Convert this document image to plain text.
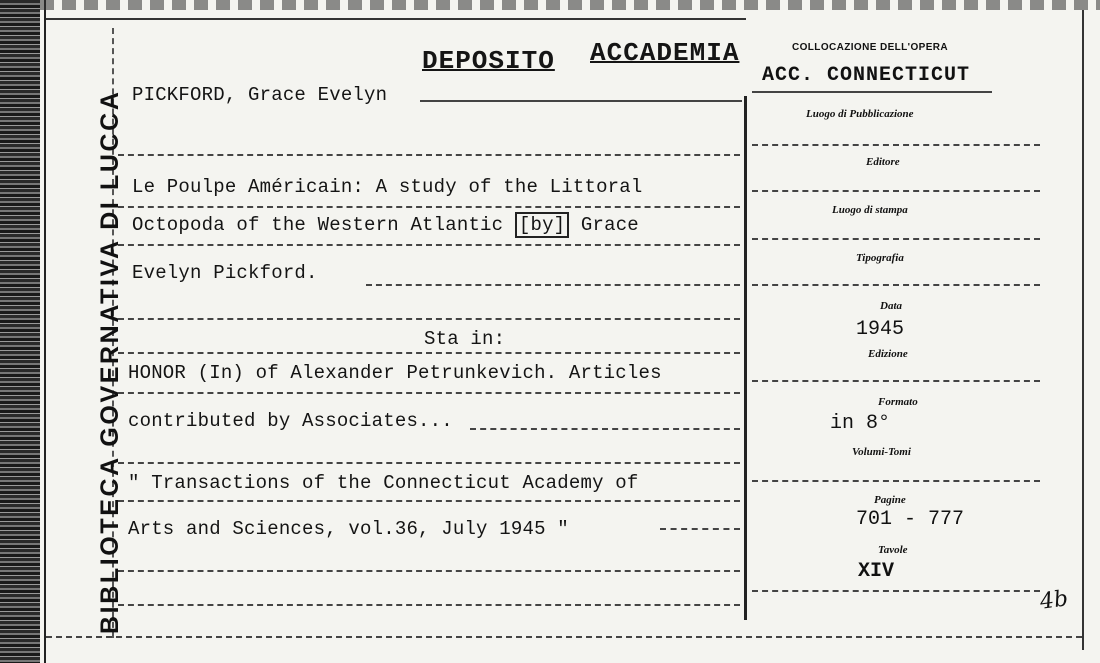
BIBLIOTECA GOVERNATIVA DI LUCCA
DEPOSITO ACCADEMIA	COLLOCAZIONE DELL'OPERA
ACC. CONNECTICUT
PICKFORD, Grace Evelyn
Le Poulpe Américain: A study of the Littoral
Octopoda of the Western Atlantic [by] Grace
Evelyn Pickford.
Sta in:
HONOR (In) of Alexander Petrunkevich. Articles
contributed by Associates...
" Transactions of the Connecticut Academy of
Arts and Sciences, vol.36, July 1945 "
Luogo di Pubblicazione
Editore
Luogo di stampa
Tipografia
Data
1945
Edizione
Formato
in 8°
Volumi-Tomi
Pagine
701 - 777
Tavole
XIV
4b
